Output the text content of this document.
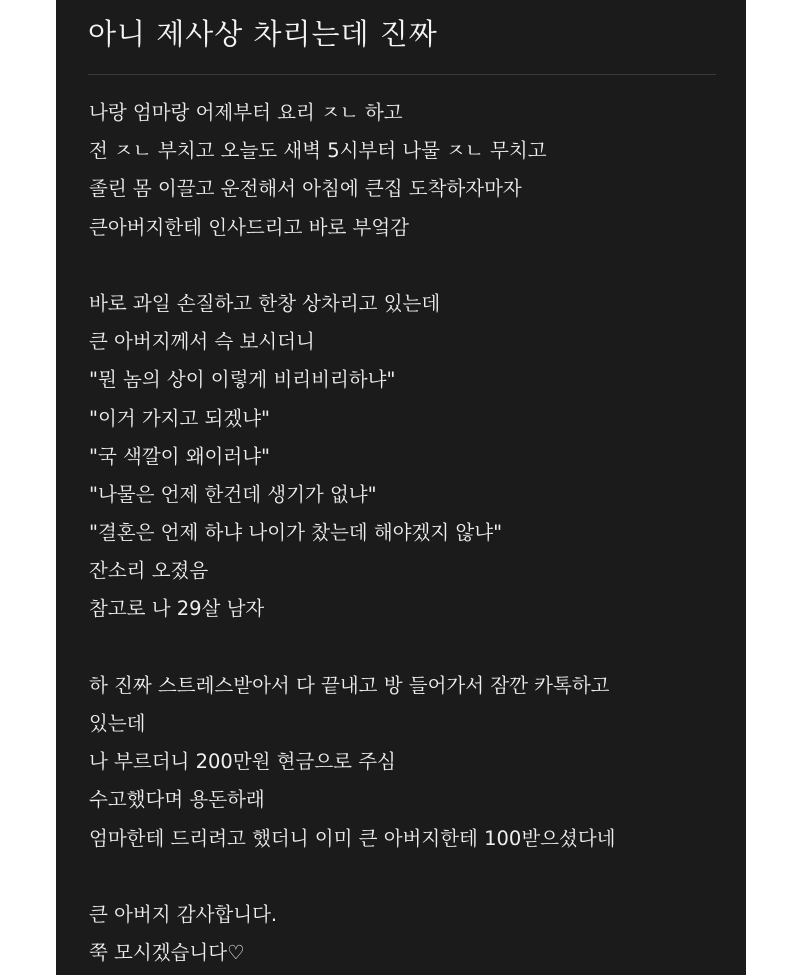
아니 제사상 차리는데 진짜
나랑 엄마랑 어제부터 요리 ㅈㄴ 하고
전 ㅈㄴ 부치고 오늘도 새벽 5시부터 나물 ㅈㄴ 무치고
졸린 몸 이끌고 운전해서 아침에 큰집 도착하자마자
큰아버지한테 인사드리고 바로 부엌감
바로 과일 손질하고 한창 상차리고 있는데
큰 아버지께서 슥 보시더니
"뭔 놈의 상이 이렇게 비리비리하냐"
"이거 가지고 되겠냐"
"국 색깔이 왜이러냐"
"나물은 언제 한건데 생기가 없냐"
"결혼은 언제 하냐 나이가 찼는데 해야겠지 않냐"
잔소리 오졌음
참고로 나 29살 남자
하 진짜 스트레스받아서 다 끝내고 방 들어가서 잠깐 카톡하고
있는데
나 부르더니 200만원 현금으로 주심
수고했다며 용돈하래
엄마한테 드리려고 했더니 이미 큰 아버지한테 100받으셨다네
큰 아버지 감사합니다.
쭉 모시겠습니다♡
